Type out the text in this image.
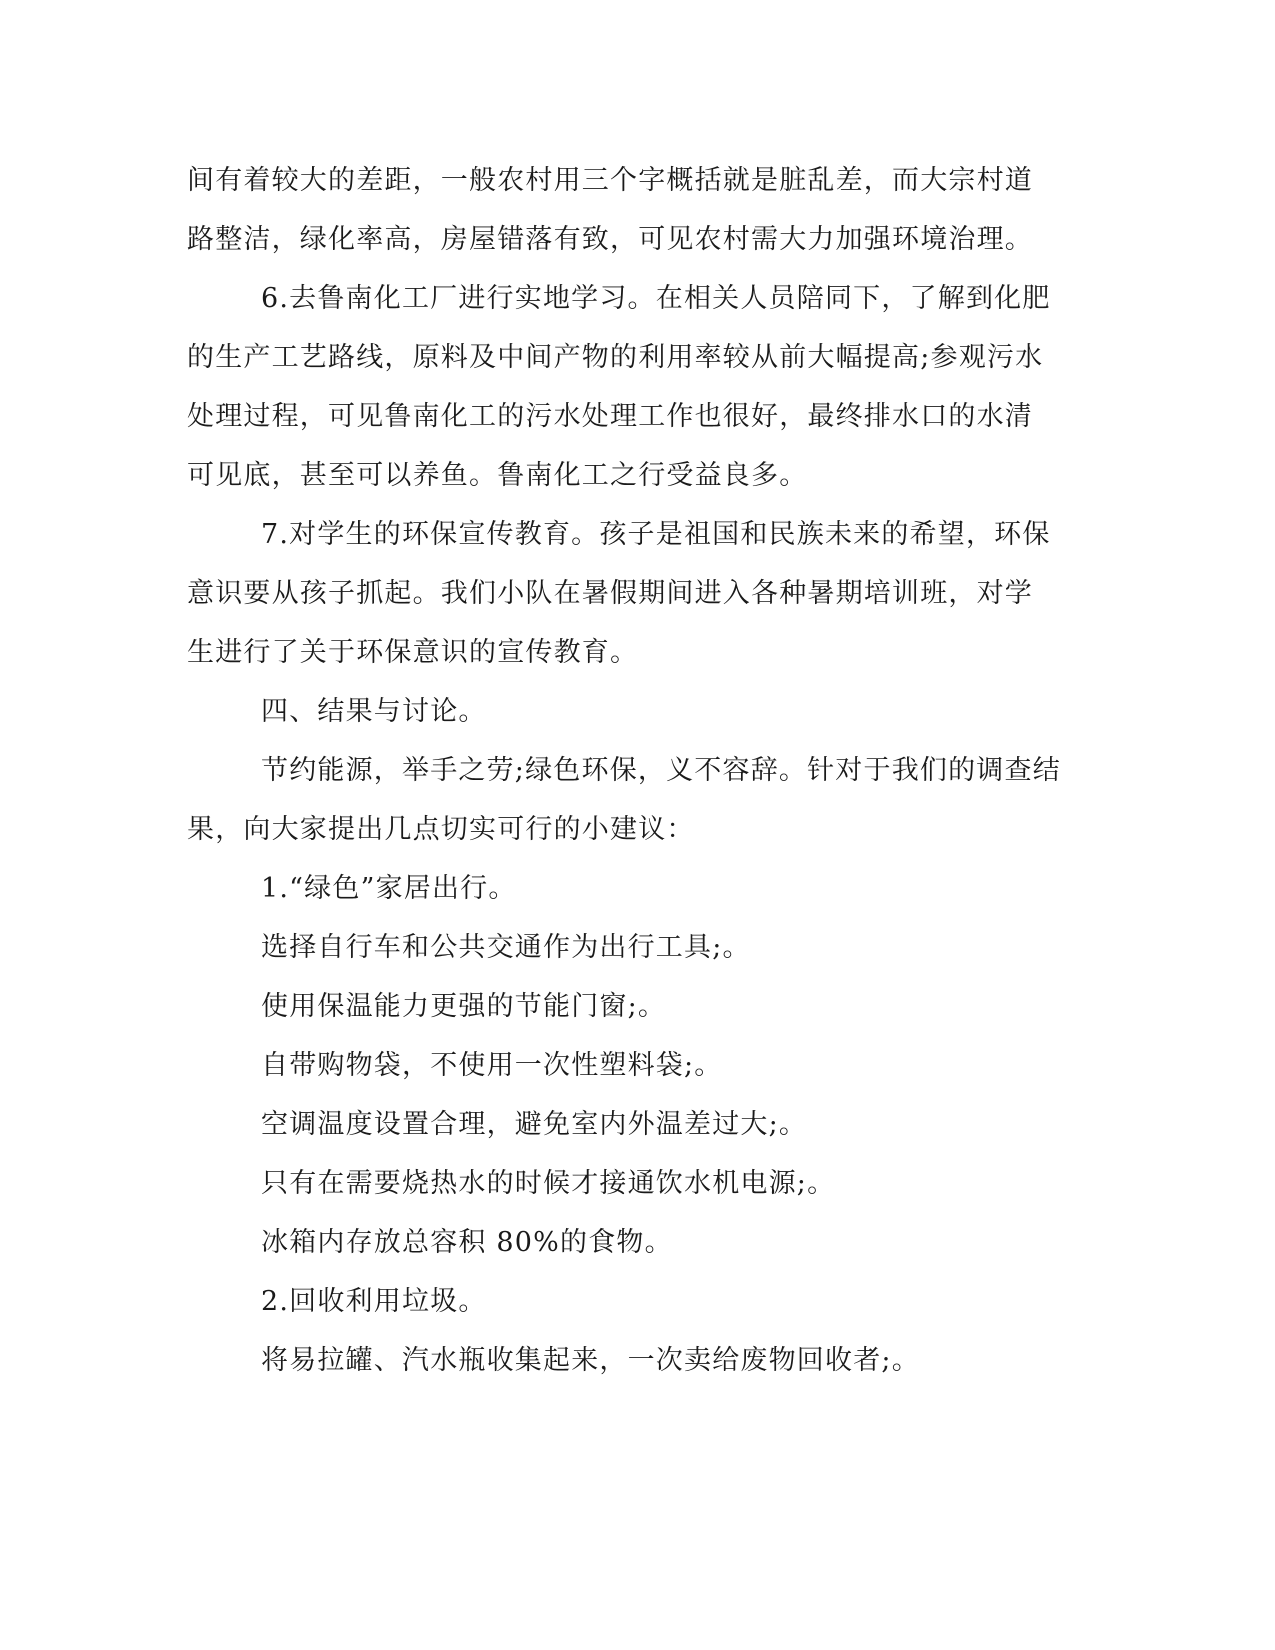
间有着较大的差距，一般农村用三个字概括就是脏乱差，而大宗村道
路整洁，绿化率高，房屋错落有致，可见农村需大力加强环境治理。
6.去鲁南化工厂进行实地学习。在相关人员陪同下，了解到化肥
的生产工艺路线，原料及中间产物的利用率较从前大幅提高;参观污水
处理过程，可见鲁南化工的污水处理工作也很好，最终排水口的水清
可见底，甚至可以养鱼。鲁南化工之行受益良多。
7.对学生的环保宣传教育。孩子是祖国和民族未来的希望，环保
意识要从孩子抓起。我们小队在暑假期间进入各种暑期培训班，对学
生进行了关于环保意识的宣传教育。
四、结果与讨论。
节约能源，举手之劳;绿色环保，义不容辞。针对于我们的调查结
果，向大家提出几点切实可行的小建议：
1.“绿色”家居出行。
选择自行车和公共交通作为出行工具;。
使用保温能力更强的节能门窗;。
自带购物袋，不使用一次性塑料袋;。
空调温度设置合理，避免室内外温差过大;。
只有在需要烧热水的时候才接通饮水机电源;。
冰箱内存放总容积 80%的食物。
2.回收利用垃圾。
将易拉罐、汽水瓶收集起来，一次卖给废物回收者;。
